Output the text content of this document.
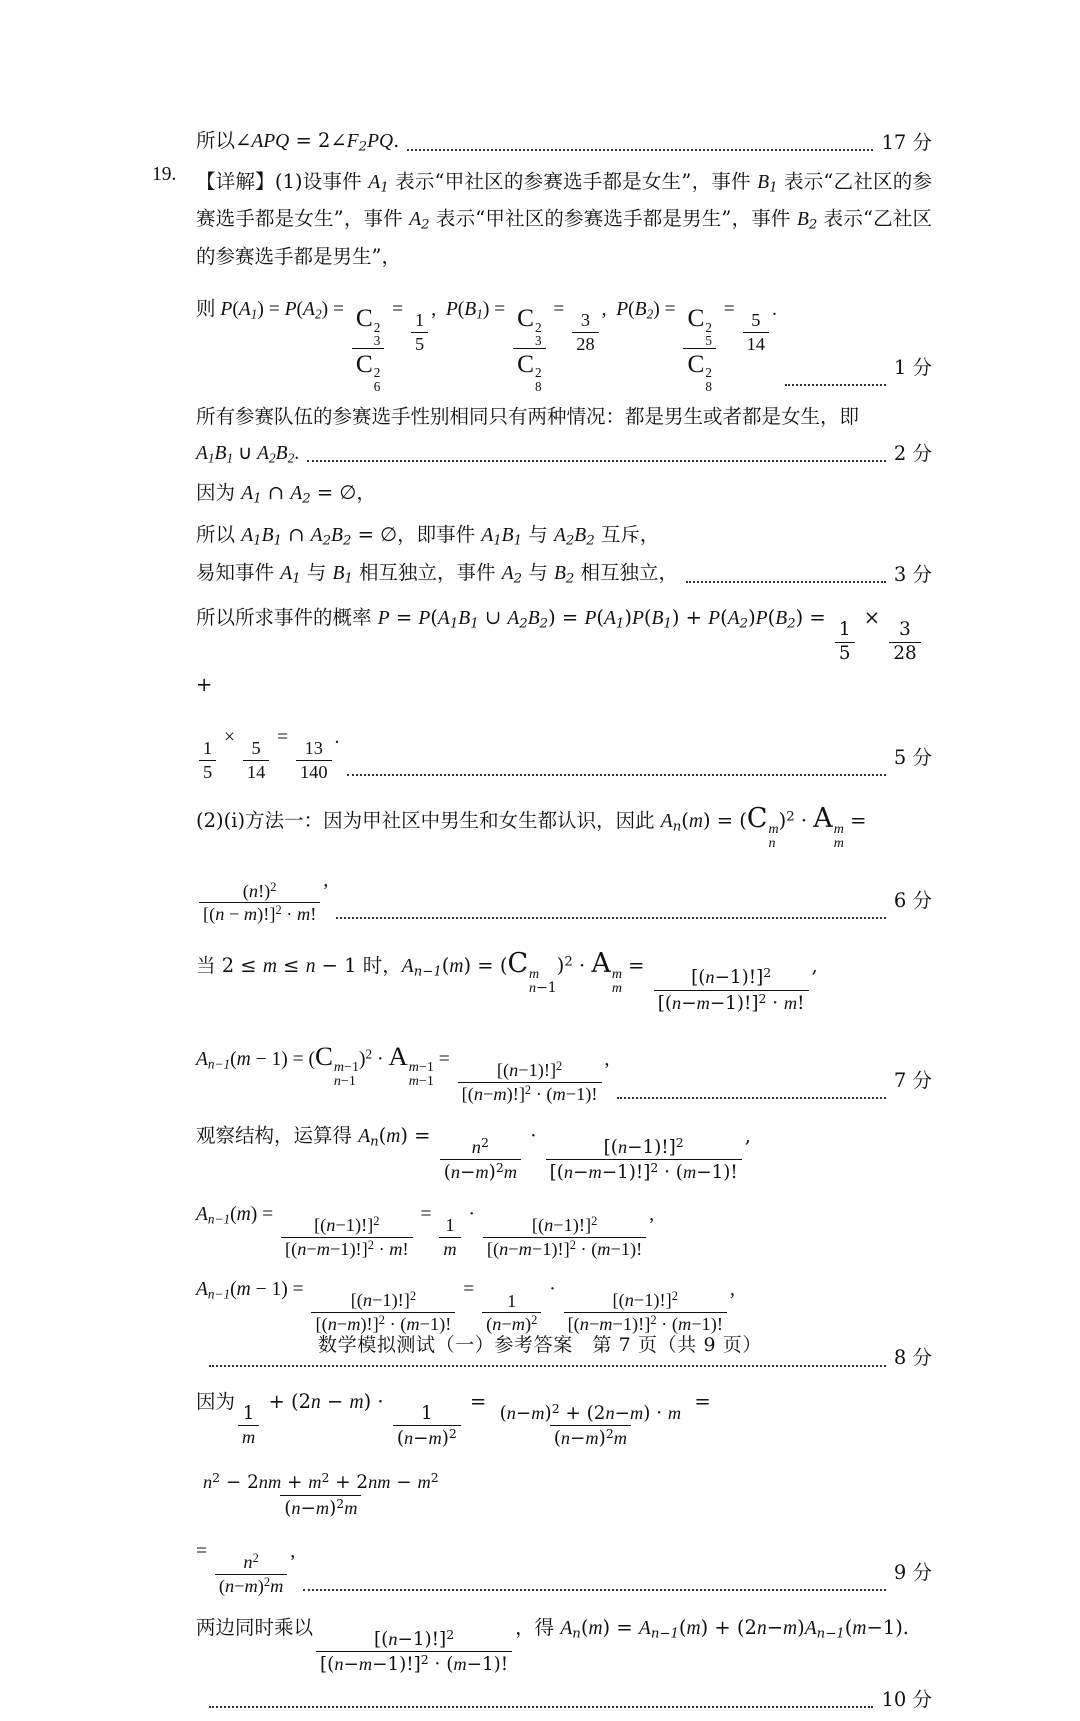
所以∠APQ = $2\angle F_2PQ$.	17 分
19. 【详解】(1)设事件 $A_1$ 表示“甲社区的参赛选手都是女生”，事件 $B_1$ 表示“乙社区的参赛选手都是女生”，事件 $A_2$ 表示“甲社区的参赛选手都是男生”，事件 $B_2$ 表示“乙社区的参赛选手都是男生”，
则 $P(A_1) = P(A_2) = C$ 2
3
C 2
$6 = \frac{1}{5}$ ,  $P(B_1) = C$ 2
3
C 2
$8 = \frac{3}{28}$ ,  $P(B_2) = C$ 2
5
C 2
$8 = \frac{5}{14}$ .
1 分
所有参赛队伍的参赛选手性别相同只有两种情况：都是男生或者都是女生，即
$A_1B_1$ ∪ $A_2B_2$.	2 分
因为 $A_1$ ∩ $A_2$ = ∅，
所以 $A_1B_1$ ∩ $A_2B_2$ = ∅，即事件 $A_1B_1$ 与 $A_2B_2$ 互斥，
易知事件 $A_1$ 与 $B_1$ 相互独立，事件 $A_2$ 与 $B_2$ 相互独立，	3 分
所以所求事件的概率 $P = P(A_1B_1$ ∪ $A_2B_2) = P(A_1)P(B_1) + P(A_2)P(B_2)$ =
$\frac{1}{5}$
×
$\frac{3}{28}$
+
$\frac{1}{5} \times \frac{5}{14} = \frac{13}{140}$ .
5 分
(2)(i)方法一：因为甲社区中男生和女生都认识，因此 $A_n(m) = (C$ m
n
)$^2$ · A m
m
=
$\frac{(n!)^2}{[(n - m)!]^2 \cdot m!}$ ,
6 分
当 2 ≤ m ≤ n − 1 时，$A_{n-1}(m) = (C$ m
n−1
)$^2$ · A m
m
= $\frac{[(n-1)!]^2}{[(n-m-1)!]^2 \cdot m!}$ ,
$A_{n-1}(m - 1) = (C$ m−1
n−1
)$^2$ · A m−1
m−1
= $\frac{[(n-1)!]^2}{[(n-m)!]^2 \cdot (m-1)!}$ ,
7 分
观察结构，运算得 $A_n(m) = \frac{n^2}{(n-m)^2m} \cdot \frac{[(n-1)!]^2}{[(n-m-1)!]^2 \cdot (m-1)!}$ ,
$A_{n-1}(m) = \frac{[(n-1)!]^2}{[(n-m-1)!]^2 \cdot m!} = \frac{1}{m} \cdot \frac{[(n-1)!]^2}{[(n-m-1)!]^2 \cdot (m-1)!}$ ,
$A_{n-1}(m - 1) = \frac{[(n-1)!]^2}{[(n-m)!]^2 \cdot (m-1)!} = \frac{1}{(n-m)^2} \cdot \frac{[(n-1)!]^2}{[(n-m-1)!]^2 \cdot (m-1)!}$ ,

8 分
因为
$\frac{1}{m}$
+ (2n − m) ·
$\frac{1}{(n-m)^2}$
= $\frac{(n-m)^2 + (2n-m) \cdot m}{(n-m)^2m}$ =
$\frac{n^2 - 2nm + m^2 + 2nm - m^2}{(n-m)^2m}$
= $\frac{n^2}{(n-m)^2m}$ ,
9 分
两边同时乘以 $\frac{[(n-1)!]^2}{[(n-m-1)!]^2 \cdot (m-1)!}$ ，得 $A_n(m) = A_{n-1}(m) + (2n-m)A_{n-1}(m-1)$.

10 分
数学模拟测试（一）参考答案　第 7 页（共 9 页）
